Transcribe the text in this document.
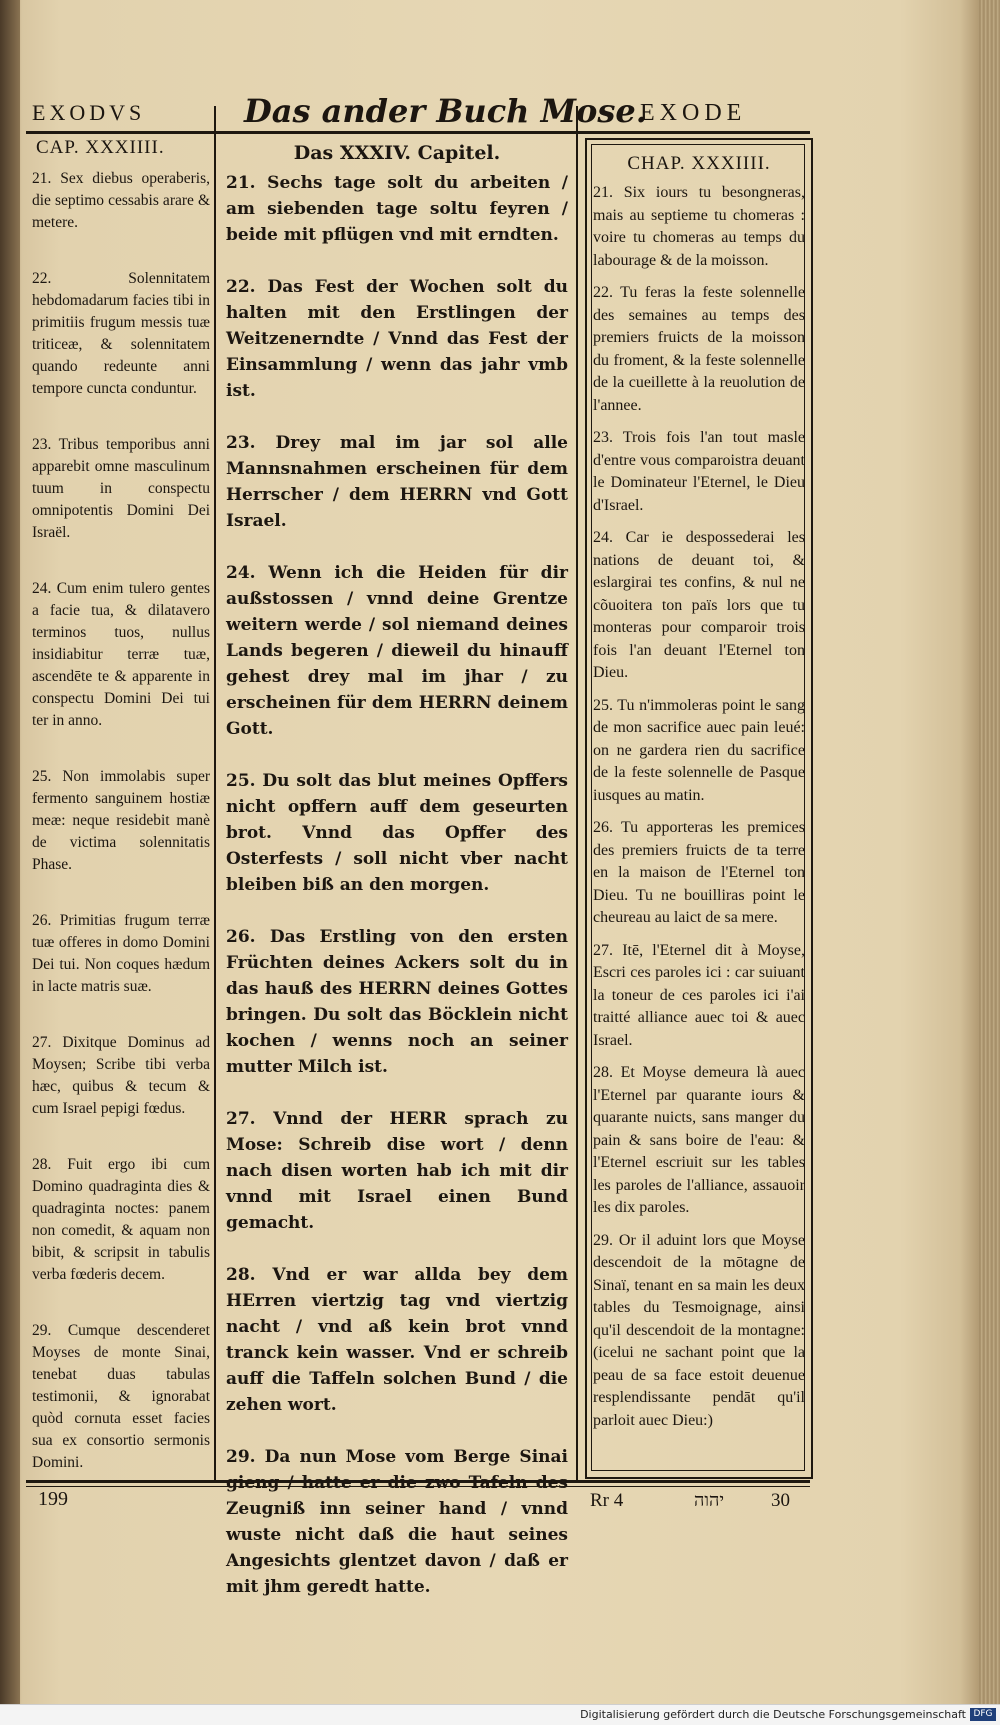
EXODVS	Das ander Buch Mose.
EXODE
CAP. XXXIIII.

21. Sex diebus operaberis, die septimo cessabis arare & metere.

22. Solennitatem hebdomadarum facies tibi in primitiis frugum messis tuæ triticeæ, & solennitatem quando redeunte anni tempore cuncta conduntur.

23. Tribus temporibus anni apparebit omne masculinum tuum in conspectu omnipotentis Domini Dei Israël.

24. Cum enim tulero gentes a facie tua, & dilatavero terminos tuos, nullus insidiabitur terræ tuæ, ascendēte te & apparente in conspectu Domini Dei tui ter in anno.

25. Non immolabis super fermento sanguinem hostiæ meæ: neque residebit manè de victima solennitatis Phase.

26. Primitias frugum terræ tuæ offeres in domo Domini Dei tui. Non coques hædum in lacte matris suæ.

27. Dixitque Dominus ad Moysen; Scribe tibi verba hæc, quibus & tecum & cum Israel pepigi fœdus.

28. Fuit ergo ibi cum Domino quadraginta dies & quadraginta noctes: panem non comedit, & aquam non bibit, & scripsit in tabulis verba fœderis decem.

29. Cumque descenderet Moyses de monte Sinai, tenebat duas tabulas testimonii, & ignorabat quòd cornuta esset facies sua ex consortio sermonis Domini.

Das XXXIV. Capitel.

21. Sechs tage solt du arbeiten / am siebenden tage soltu feyren / beide mit pflügen vnd mit erndten.

22. Das Fest der Wochen solt du halten mit den Erstlingen der Weitzenerndte / Vnnd das Fest der Einsammlung / wenn das jahr vmb ist.

23. Drey mal im jar sol alle Mannsnahmen erscheinen für dem Herrscher / dem HERRN vnd Gott Israel.

24. Wenn ich die Heiden für dir außstossen / vnnd deine Grentze weitern werde / sol niemand deines Lands begeren / dieweil du hinauff gehest drey mal im jhar / zu erscheinen für dem HERRN deinem Gott.

25. Du solt das blut meines Opffers nicht opffern auff dem gesеurten brot. Vnnd das Opffer des Osterfests / soll nicht vber nacht bleiben biß an den morgen.

26. Das Erstling von den ersten Früchten deines Ackers solt du in das hauß des HERRN deines Gottes bringen. Du solt das Böcklein nicht kochen / wenns noch an seiner mutter Milch ist.

27. Vnnd der HERR sprach zu Mose: Schreib dise wort / denn nach disen worten hab ich mit dir vnnd mit Israel einen Bund gemacht.

28. Vnd er war allda bey dem HErren viertzig tag vnd viertzig nacht / vnd aß kein brot vnnd tranck kein wasser. Vnd er schreib auff die Taffeln solchen Bund / die zehen wort.

29. Da nun Mose vom Berge Sinai gieng / hatte er die zwo Tafeln des Zeugniß inn seiner hand / vnnd wuste nicht daß die haut seines Angesichts glentzet davon / daß er mit jhm geredt hatte.

CHAP. XXXIIII.

21. Six iours tu besongneras, mais au septieme tu chomeras : voire tu chomeras au temps du labourage & de la moisson.

22. Tu feras la feste solennelle des semaines au temps des premiers fruicts de la moisson du froment, & la feste solennelle de la cueillette à la reuolution de l'annee.

23. Trois fois l'an tout masle d'entre vous comparoistra deuant le Dominateur l'Eternel, le Dieu d'Israel.

24. Car ie despossederai les nations de deuant toi, & eslargirai tes confins, & nul ne cõuoitera ton païs lors que tu monteras pour comparoir trois fois l'an deuant l'Eternel ton Dieu.

25. Tu n'immoleras point le sang de mon sacrifice auec pain leué: on ne gardera rien du sacrifice de la feste solennelle de Pasque iusques au matin.

26. Tu apporteras les premices des premiers fruicts de ta terre en la maison de l'Eternel ton Dieu. Tu ne bouilliras point le cheureau au laict de sa mere.

27. Itē, l'Eternel dit à Moyse, Escri ces paroles ici : car suiuant la toneur de ces paroles ici i'ai traitté alliance auec toi & auec Israel.

28. Et Moyse demeura là auec l'Eternel par quarante iours & quarante nuicts, sans manger du pain & sans boire de l'eau: & l'Eternel escriuit sur les tables les paroles de l'alliance, assauoir les dix paroles.

29. Or il aduint lors que Moyse descendoit de la mōtagne de Sinaï, tenant en sa main les deux tables du Tesmoignage, ainsi qu'il descendoit de la montagne: (icelui ne sachant point que la peau de sa face estoit deuenue resplendissante pendāt qu'il parloit auec Dieu:)

199	Rr 4	יהוה 30
Digitalisierung gefördert durch die Deutsche Forschungsgemeinschaft DFG
